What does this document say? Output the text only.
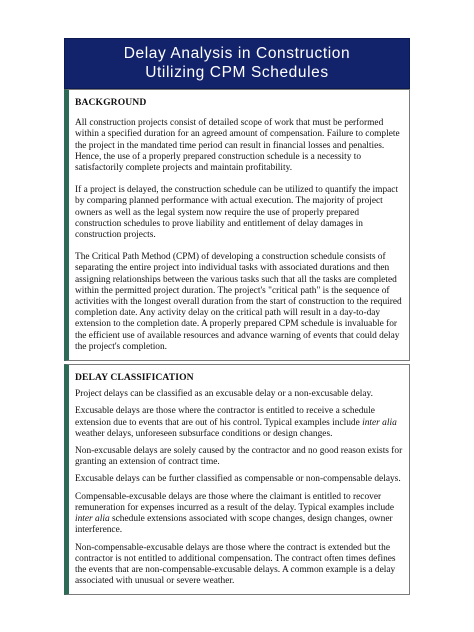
Delay Analysis in Construction
Utilizing CPM Schedules
BACKGROUND

All construction projects consist of detailed scope of work that must be performed within a specified duration for an agreed amount of compensation. Failure to complete the project in the mandated time period can result in financial losses and penalties. Hence, the use of a properly prepared construction schedule is a necessity to satisfactorily complete projects and maintain profitability.

If a project is delayed, the construction schedule can be utilized to quantify the impact by comparing planned performance with actual execution. The majority of project owners as well as the legal system now require the use of properly prepared construction schedules to prove liability and entitlement of delay damages in construction projects.

The Critical Path Method (CPM) of developing a construction schedule consists of separating the entire project into individual tasks with associated durations and then assigning relationships between the various tasks such that all the tasks are completed within the permitted project duration. The project's "critical path" is the sequence of activities with the longest overall duration from the start of construction to the required completion date. Any activity delay on the critical path will result in a day-to-day extension to the completion date. A properly prepared CPM schedule is invaluable for the efficient use of available resources and advance warning of events that could delay the project's completion.

DELAY CLASSIFICATION

Project delays can be classified as an excusable delay or a non-excusable delay.

Excusable delays are those where the contractor is entitled to receive a schedule extension due to events that are out of his control. Typical examples include inter alia weather delays, unforeseen subsurface conditions or design changes.

Non-excusable delays are solely caused by the contractor and no good reason exists for granting an extension of contract time.

Excusable delays can be further classified as compensable or non-compensable delays.

Compensable-excusable delays are those where the claimant is entitled to recover remuneration for expenses incurred as a result of the delay. Typical examples include inter alia schedule extensions associated with scope changes, design changes, owner interference.

Non-compensable-excusable delays are those where the contract is extended but the contractor is not entitled to additional compensation. The contract often times defines the events that are non-compensable-excusable delays. A common example is a delay associated with unusual or severe weather.
